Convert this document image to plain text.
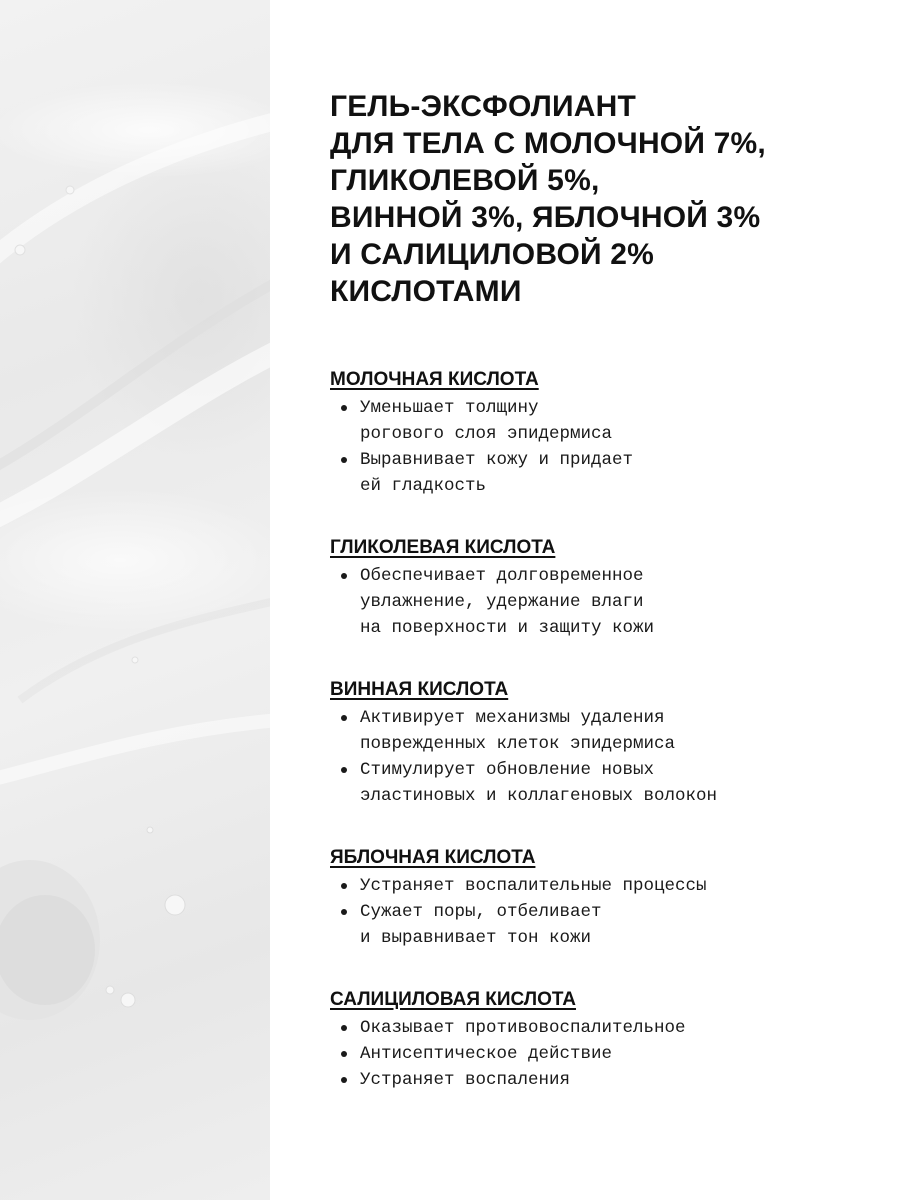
ГЕЛЬ-ЭКСФОЛИАНТ
ДЛЯ ТЕЛА С МОЛОЧНОЙ 7%,
ГЛИКОЛЕВОЙ 5%,
ВИННОЙ 3%, ЯБЛОЧНОЙ 3%
И САЛИЦИЛОВОЙ 2%
КИСЛОТАМИ
МОЛОЧНАЯ КИСЛОТА
Уменьшает толщину
рогового слоя эпидермиса
Выравнивает кожу и придает
ей гладкость
ГЛИКОЛЕВАЯ КИСЛОТА
Обеспечивает долговременное
увлажнение, удержание влаги
на поверхности и защиту кожи
ВИННАЯ КИСЛОТА
Активирует механизмы удаления
поврежденных клеток эпидермиса
Стимулирует обновление новых
эластиновых и коллагеновых волокон
ЯБЛОЧНАЯ КИСЛОТА
Устраняет воспалительные процессы
Сужает поры, отбеливает
и выравнивает тон кожи
САЛИЦИЛОВАЯ КИСЛОТА
Оказывает противовоспалительное
Антисептическое действие
Устраняет воспаления
